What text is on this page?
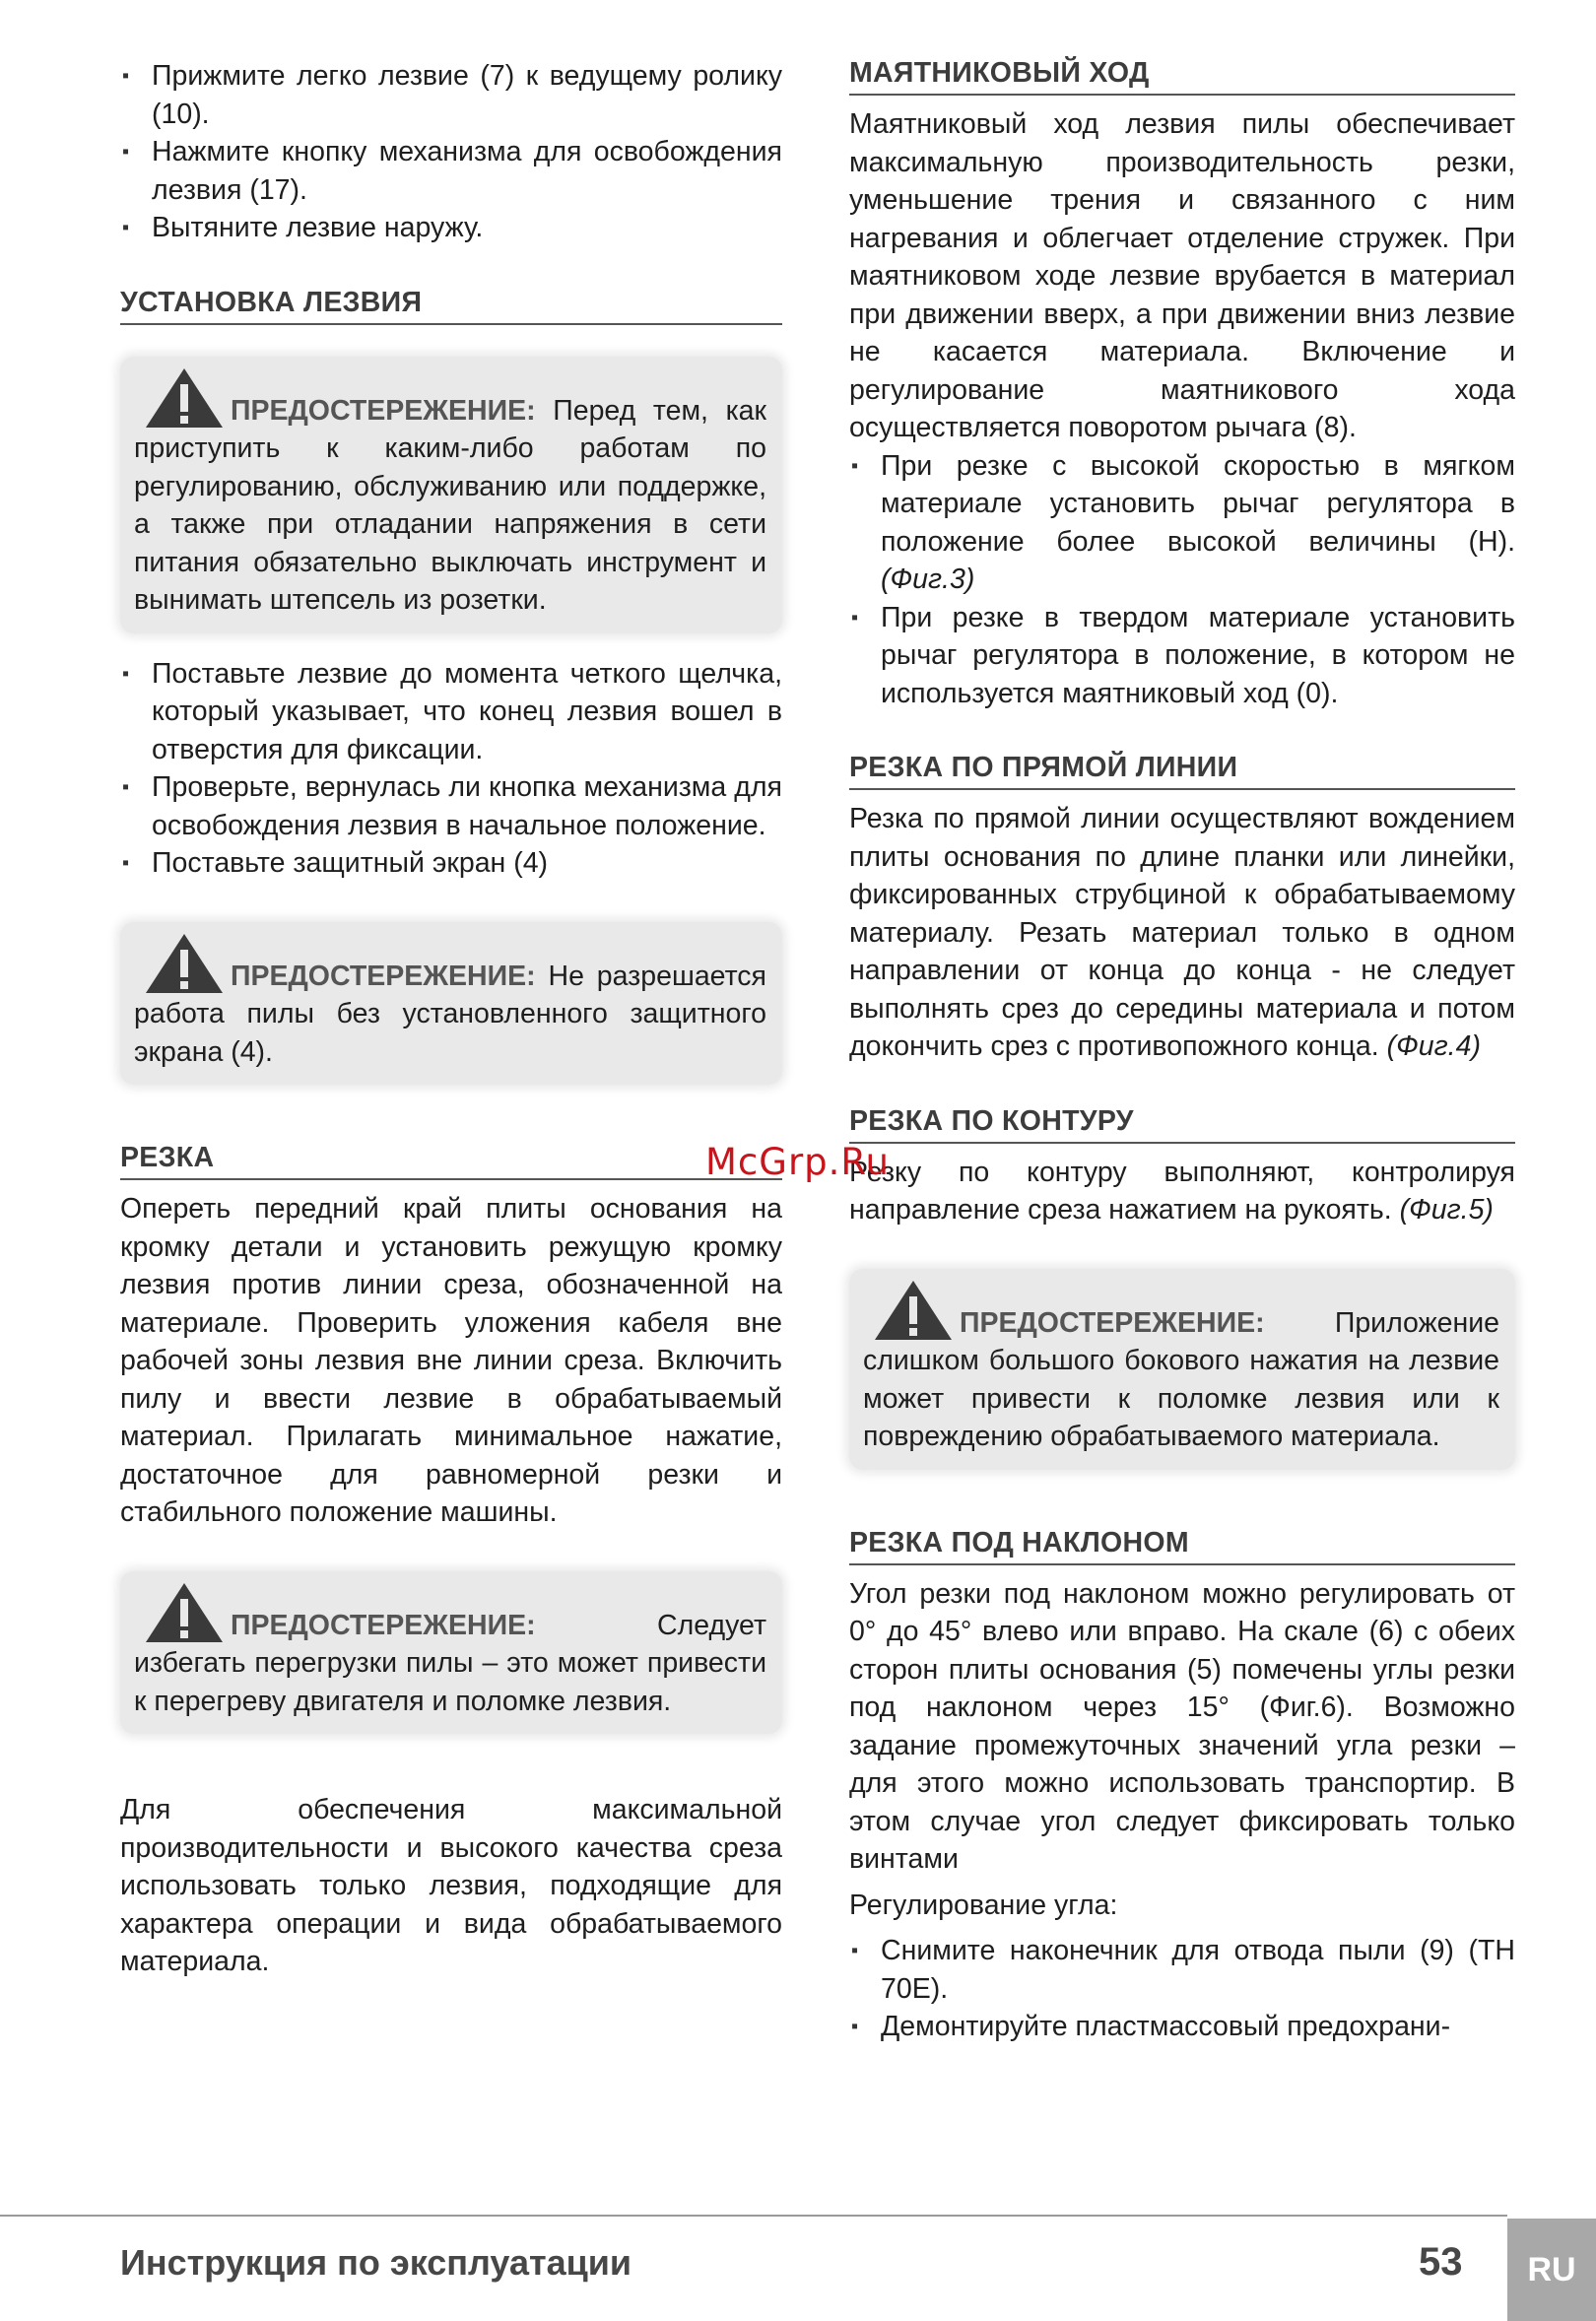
▪ Прижмите легко лезвие (7) к ведущему ролику (10).
▪ Нажмите кнопку механизма для освобождения лезвия (17).
▪ Вытяните лезвие наружу.
УСТАНОВКА ЛЕЗВИЯ

ПРЕДОСТЕРЕЖЕНИЕ: Перед тем, как приступить к каким-либо работам по регулированию, обслуживанию или поддержке, а также при отладании напряжения в сети питания обязательно выключать инструмент и вынимать штепсель из розетки.

▪ Поставьте лезвие до момента четкого щелчка, который указывает, что конец лезвия вошел в отверстия для фиксации.
▪ Проверьте, вернулась ли кнопка механизма для освобождения лезвия в начальное положение.
▪ Поставьте защитный экран (4)

ПРЕДОСТЕРЕЖЕНИЕ: Не разрешается работа пилы без установленного защитного экрана (4).

РЕЗКА

Опереть передний край плиты основания на кромку детали и установить режущую кромку лезвия против линии среза, обозначенной на материале. Проверить уложения кабеля вне рабочей зоны лезвия вне линии среза. Включить пилу и ввести лезвие в обрабатываемый материал. Прилагать минимальное нажатие, достаточное для равномерной резки и стабильного положение машины.

ПРЕДОСТЕРЕЖЕНИЕ:	Следует избегать перегрузки пилы – это может привести к перегреву двигателя и поломке лезвия.

Для обеспечения максимальной производительности и высокого качества среза использовать только лезвия, подходящие для характера операции и вида обрабатываемого материала.

МАЯТНИКОВЫЙ ХОД

Маятниковый ход лезвия пилы обеспечивает максимальную производительность резки, уменьшение трения и связанного с ним нагревания и облегчает отделение стружек. При маятниковом ходе лезвие врубается в материал при движении вверх, а при движении вниз лезвие не касается материала. Включение и регулирование маятникового хода осуществляется поворотом рычага (8).

▪ При резке с высокой скоростью в мягком материале установить рычаг регулятора в положение более высокой величины (H). (Фиг.3)
▪ При резке в твердом материале установить рычаг регулятора в положение, в котором не используется маятниковый ход (0).
РЕЗКА ПО ПРЯМОЙ ЛИНИИ

Резка по прямой линии осуществляют вождением плиты основания по длине планки или линейки, фиксированных струбциной к обрабатываемому материалу. Резать материал только в одном направлении от конца до конца - не следует выполнять срез до середины материала и потом докончить срез с противопожного конца. (Фиг.4)

РЕЗКА ПО КОНТУРУ

Резку по контуру выполняют, контролируя направление среза нажатием на рукоять. (Фиг.5)

ПРЕДОСТЕРЕЖЕНИЕ: Приложение слишком большого бокового нажатия на лезвие может привести к поломке лезвия или к повреждению обрабатываемого материала.

РЕЗКА ПОД НАКЛОНОМ

Угол резки под наклоном можно регулировать от 0° до 45° влево или вправо. На скале (6) с обеих сторон плиты основания (5) помечены углы резки под наклоном через 15° (Фиг.6). Возможно задание промежуточных значений угла резки – для этого можно использовать транспортир. В этом случае угол следует фиксировать только винтами

Регулирование угла:

▪ Снимите наконечник для отвода пыли (9) (TH 70E).
▪ Демонтируйте пластмассовый предохрани-
McGrp.Ru
Инструкция по эксплуатации	53	RU
